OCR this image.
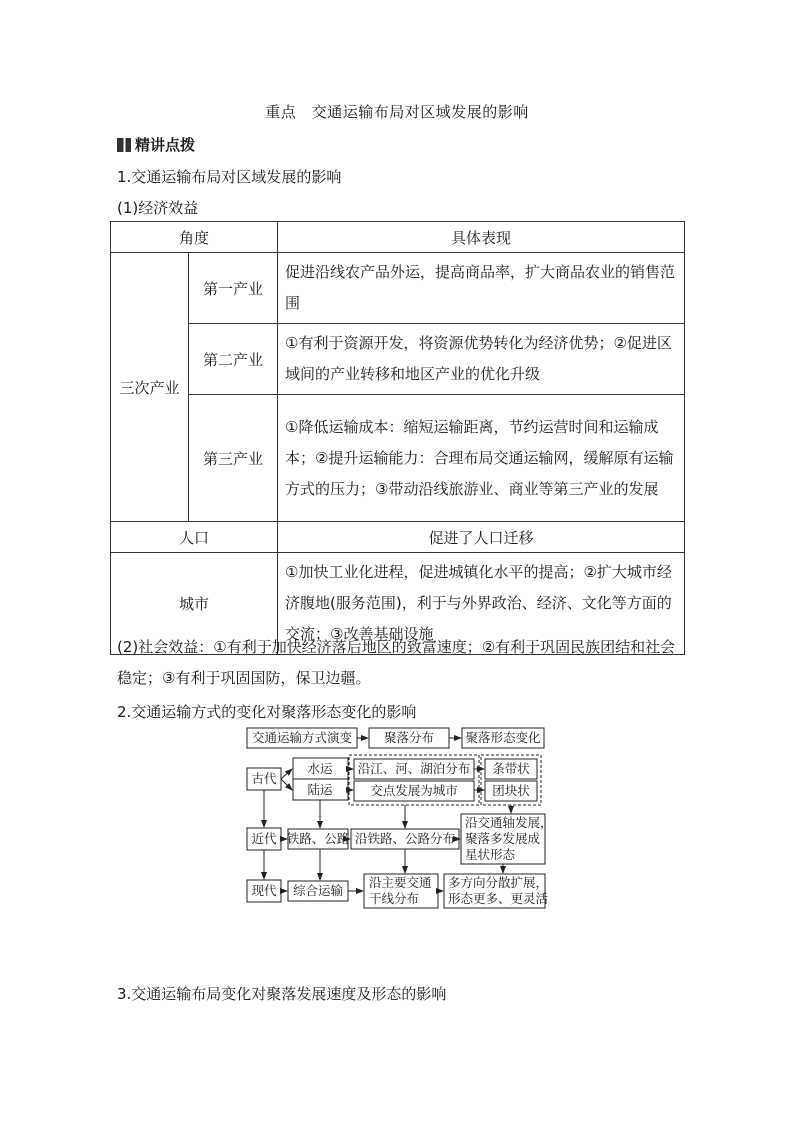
重点　交通运输布局对区域发展的影响
精讲点拨
1.交通运输布局对区域发展的影响
(1)经济效益
角度		具体表现
三次产业	第一产业	促进沿线农产品外运，提高商品率，扩大商品农业的销售范围
	第二产业	①有利于资源开发，将资源优势转化为经济优势；②促进区域间的产业转移和地区产业的优化升级
	第三产业	①降低运输成本：缩短运输距离，节约运营时间和运输成本；②提升运输能力：合理布局交通运输网，缓解原有运输方式的压力；③带动沿线旅游业、商业等第三产业的发展
人口		促进了人口迁移
城市		①加快工业化进程，促进城镇化水平的提高；②扩大城市经济腹地(服务范围)，利于与外界政治、经济、文化等方面的交流；③改善基础设施
(2)社会效益：①有利于加快经济落后地区的致富速度；②有利于巩固民族团结和社会稳定；③有利于巩固国防，保卫边疆。
2.交通运输方式的变化对聚落形态变化的影响
交通运输方式演变	聚落分布	聚落形态变化
古代
近代
现代
水运
陆运
沿江、河、湖泊分布
交点发展为城市
条带状
团块状
铁路、公路 沿铁路、公路分布
综合运输
沿交通轴发展，
聚落多发展成
星状形态
沿主要交通
干线分布
多方向分散扩展，
形态更多、更灵活
3.交通运输布局变化对聚落发展速度及形态的影响
